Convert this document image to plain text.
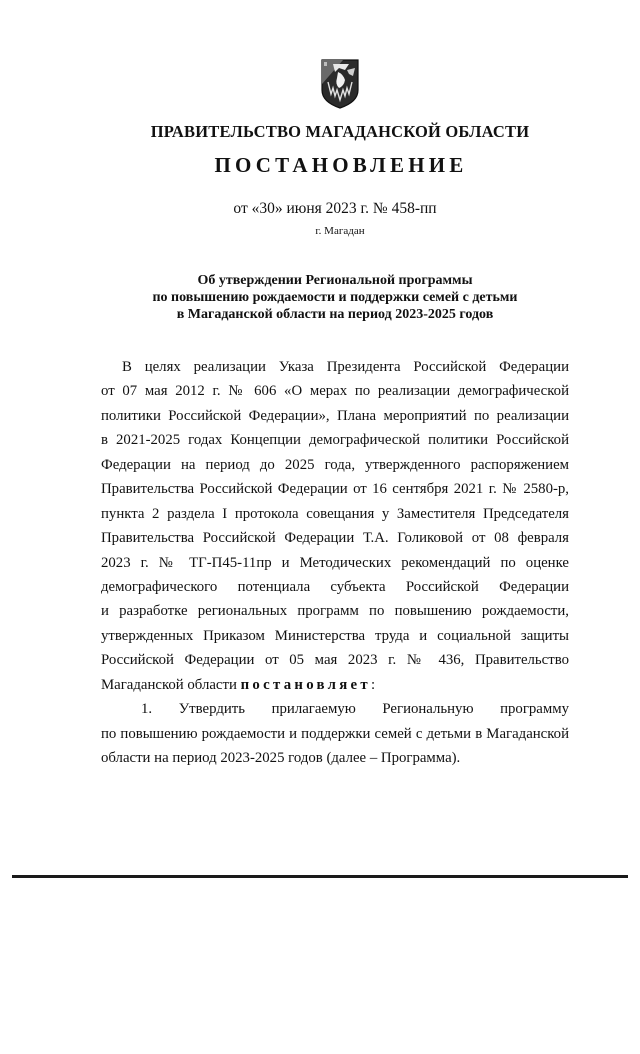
ПРАВИТЕЛЬСТВО МАГАДАНСКОЙ ОБЛАСТИ
ПОСТАНОВЛЕНИЕ
от «30» июня 2023 г. № 458-пп
г. Магадан
Об утверждении Региональной программы
по повышению рождаемости и поддержки семей с детьми
в Магаданской области на период 2023-2025 годов
В целях реализации Указа Президента Российской Федерации
от 07 мая 2012 г. № 606 «О мерах по реализации демографической
политики Российской Федерации», Плана мероприятий по реализации
в 2021-2025 годах Концепции демографической политики Российской
Федерации на период до 2025 года, утвержденного распоряжением
Правительства Российской Федерации от 16 сентября 2021 г. № 2580-р,
пункта 2 раздела I протокола совещания у Заместителя Председателя
Правительства Российской Федерации Т.А. Голиковой от 08 февраля
2023 г. № ТГ-П45-11пр и Методических рекомендаций по оценке
демографического потенциала субъекта Российской Федерации
и разработке региональных программ по повышению рождаемости,
утвержденных Приказом Министерства труда и социальной защиты
Российской Федерации от 05 мая 2023 г. № 436, Правительство
Магаданской области постановляет:
1. Утвердить прилагаемую Региональную программу
по повышению рождаемости и поддержки семей с детьми в Магаданской
области на период 2023-2025 годов (далее – Программа).
